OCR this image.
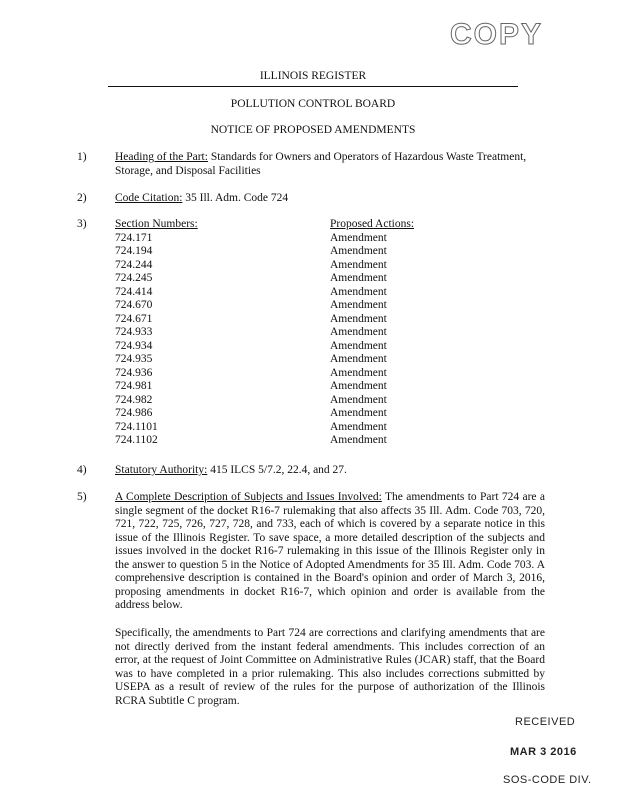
COPY
ILLINOIS REGISTER
POLLUTION CONTROL BOARD
NOTICE OF PROPOSED AMENDMENTS
1) Heading of the Part: Standards for Owners and Operators of Hazardous Waste Treatment, Storage, and Disposal Facilities
2) Code Citation: 35 Ill. Adm. Code 724
3) Section Numbers:	Proposed Actions:
724.171	Amendment
724.194	Amendment
724.244	Amendment
724.245	Amendment
724.414	Amendment
724.670	Amendment
724.671	Amendment
724.933	Amendment
724.934	Amendment
724.935	Amendment
724.936	Amendment
724.981	Amendment
724.982	Amendment
724.986	Amendment
724.1101	Amendment
724.1102	Amendment
4) Statutory Authority: 415 ILCS 5/7.2, 22.4, and 27.
5) A Complete Description of Subjects and Issues Involved: The amendments to Part 724 are a single segment of the docket R16-7 rulemaking that also affects 35 Ill. Adm. Code 703, 720, 721, 722, 725, 726, 727, 728, and 733, each of which is covered by a separate notice in this issue of the Illinois Register. To save space, a more detailed description of the subjects and issues involved in the docket R16-7 rulemaking in this issue of the Illinois Register only in the answer to question 5 in the Notice of Adopted Amendments for 35 Ill. Adm. Code 703. A comprehensive description is contained in the Board's opinion and order of March 3, 2016, proposing amendments in docket R16-7, which opinion and order is available from the address below.
Specifically, the amendments to Part 724 are corrections and clarifying amendments that are not directly derived from the instant federal amendments. This includes correction of an error, at the request of Joint Committee on Administrative Rules (JCAR) staff, that the Board was to have completed in a prior rulemaking. This also includes corrections submitted by USEPA as a result of review of the rules for the purpose of authorization of the Illinois RCRA Subtitle C program.
RECEIVED
MAR 3 2016
SOS-CODE DIV.
